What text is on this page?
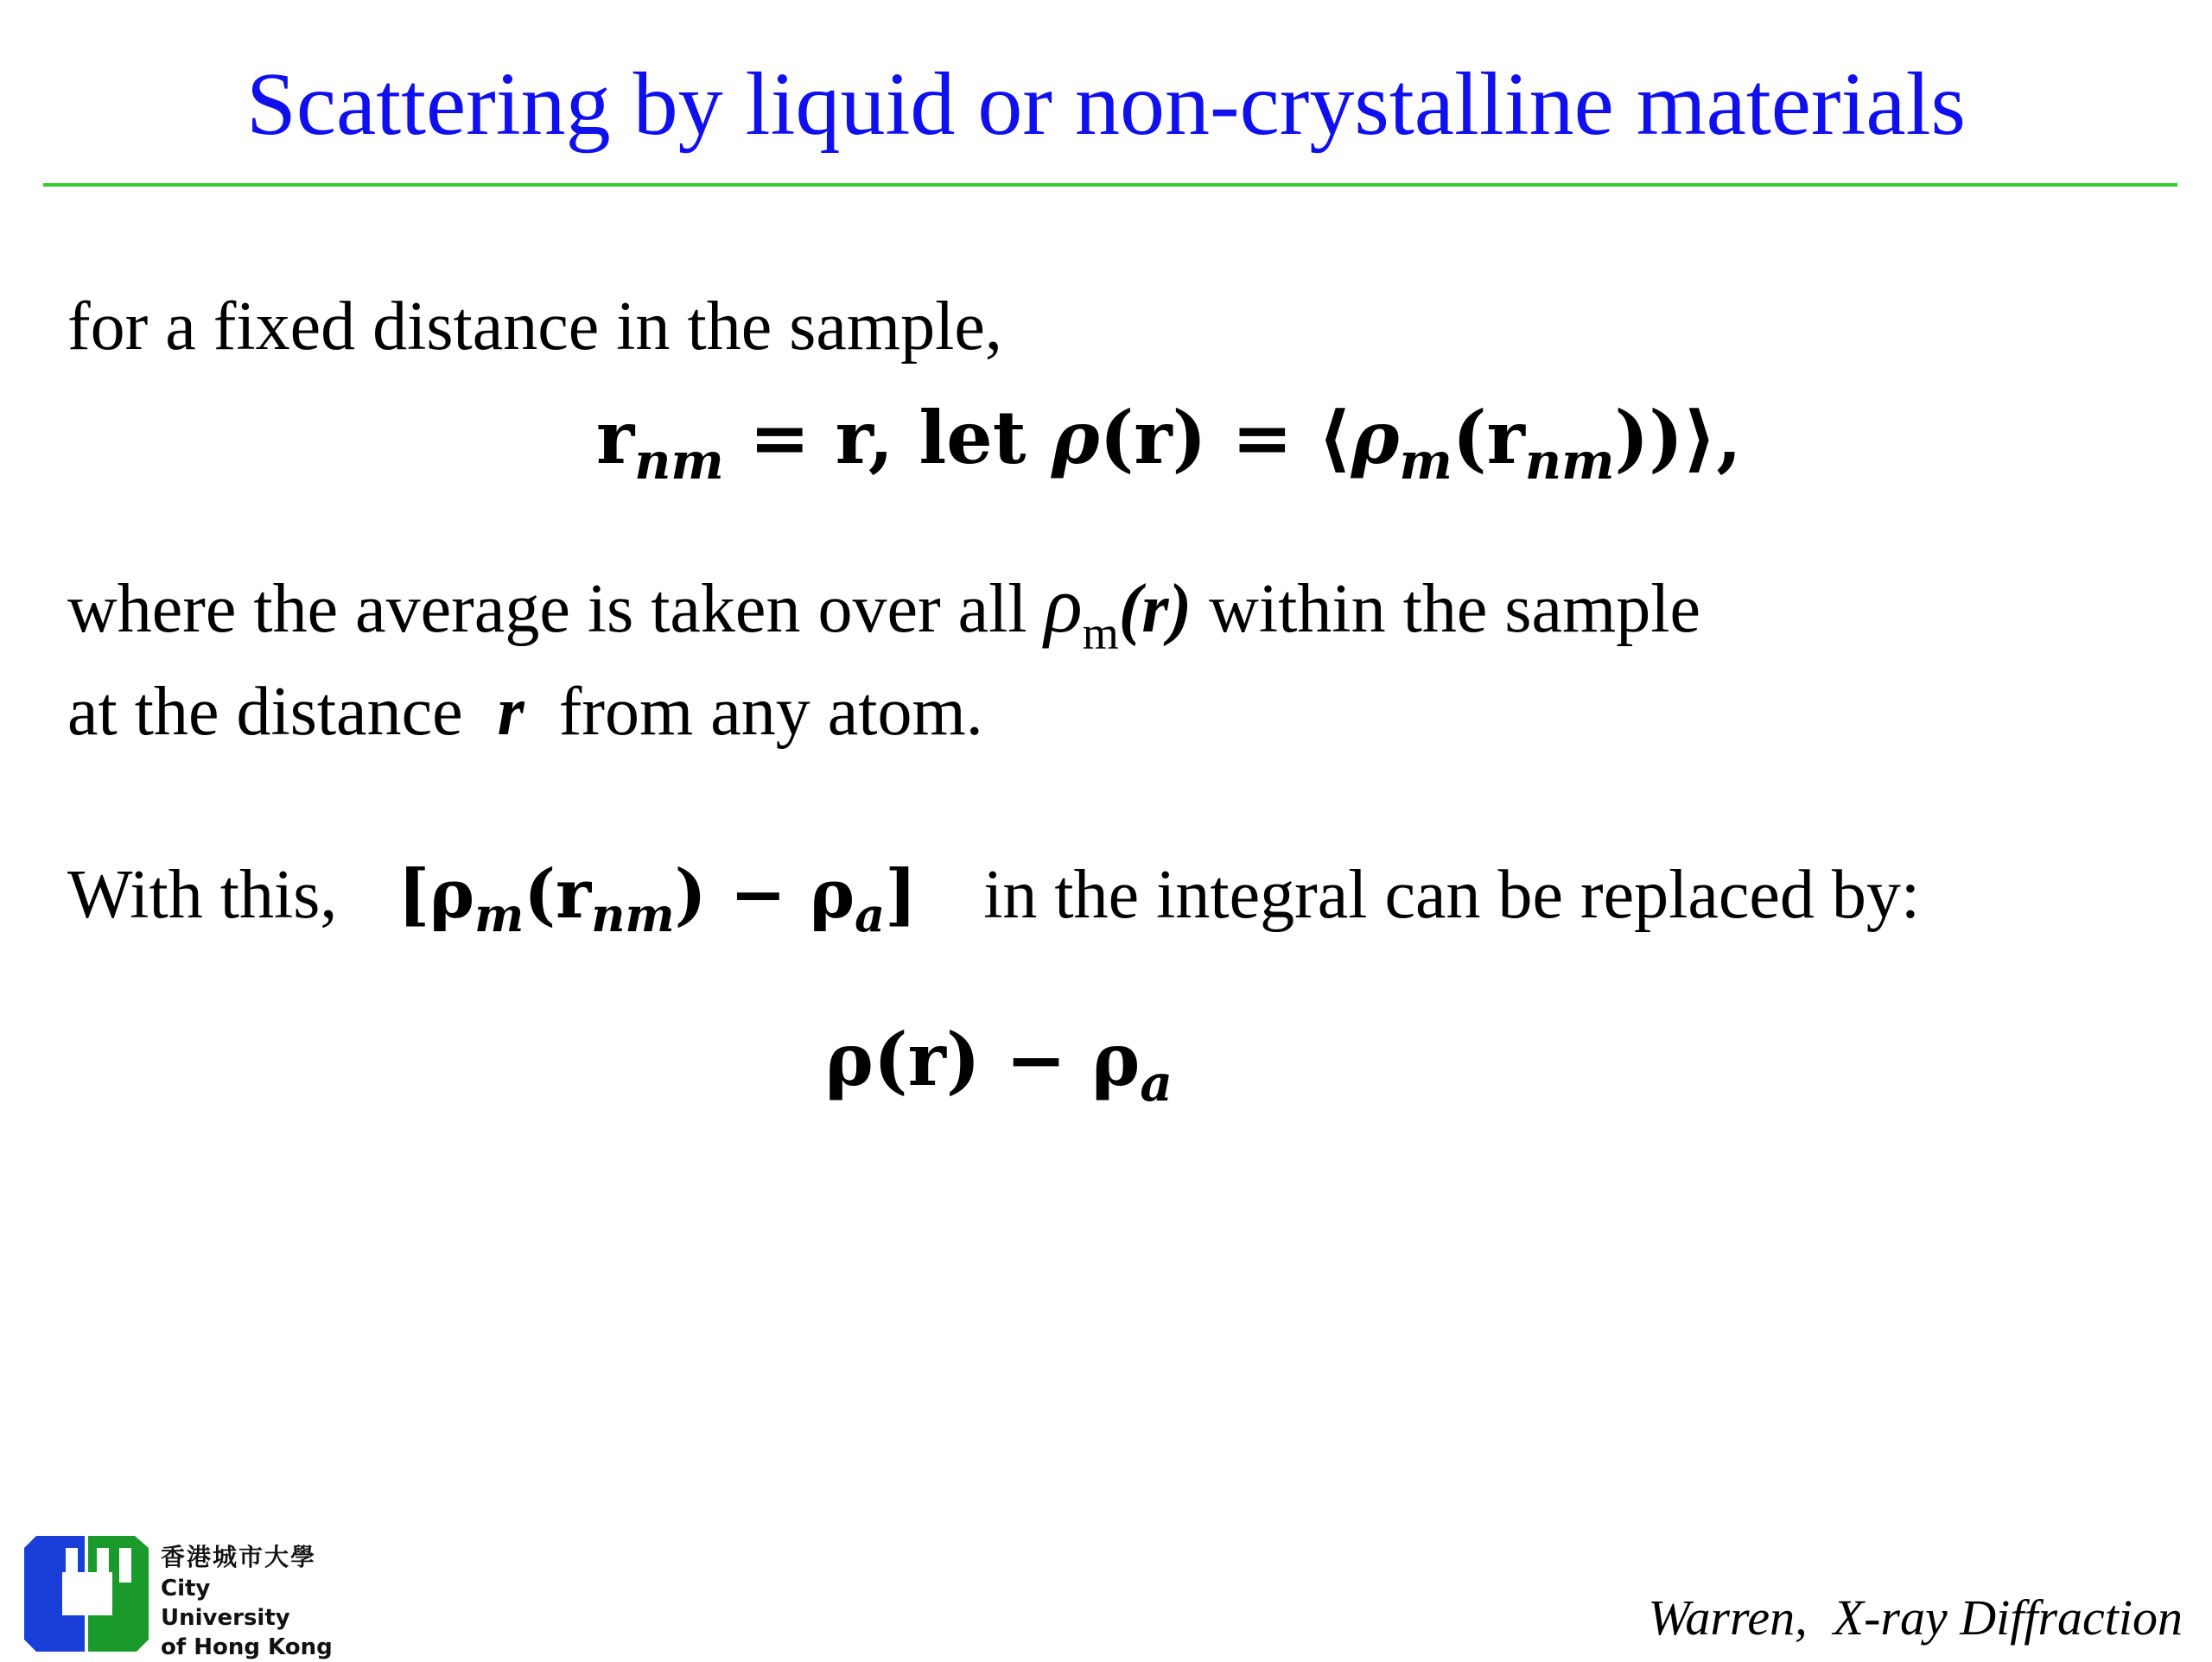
Scattering by liquid or non-crystalline materials
for a fixed distance in the sample,
$r_{nm} = r$, let $\rho(r) = ⟨\rho_m(r_{nm}))⟩$,
where the average is taken over all $\rho_m(r)$ within the sample
at the distance  r  from any atom.
With this, $[\rho_m(r_{nm}) - \rho_a]$ in the integral can be replaced by:
$\rho(r) - \rho_a$
香港城市大學
City University
of Hong Kong
Warren, X-ray Diffraction
